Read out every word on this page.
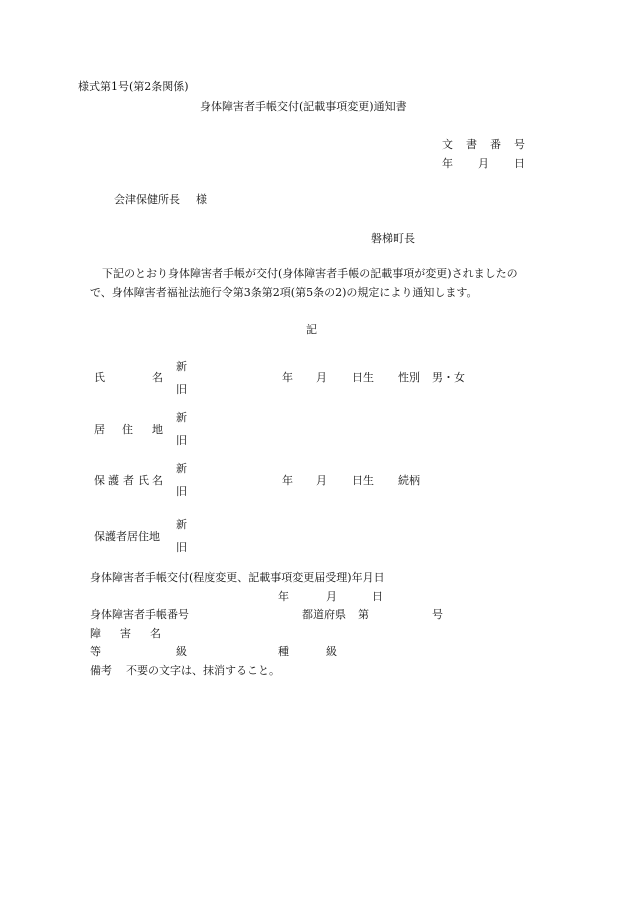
様式第1号(第2条関係)
身体障害者手帳交付(記載事項変更)通知書
文 書 番 号
年 月 日
会津保健所長 様
磐梯町長
下記のとおり身体障害者手帳が交付(身体障害者手帳の記載事項が変更)されましたの
で、身体障害者福祉法施行令第3条第2項(第5条の2)の規定により通知します。
記
新
氏	名	年 月 日生 性別 男・女
旧
新
居 住 地
旧
新
保 護 者 氏 名	年 月 日生 続柄
旧
新
保護者居住地
旧
身体障害者手帳交付(程度変更、記載事項変更届受理)年月日
年	月	日
身体障害者手帳番号	都道府県 第	号
障 害 名
等	級	種	級
備考 不要の文字は、抹消すること。
